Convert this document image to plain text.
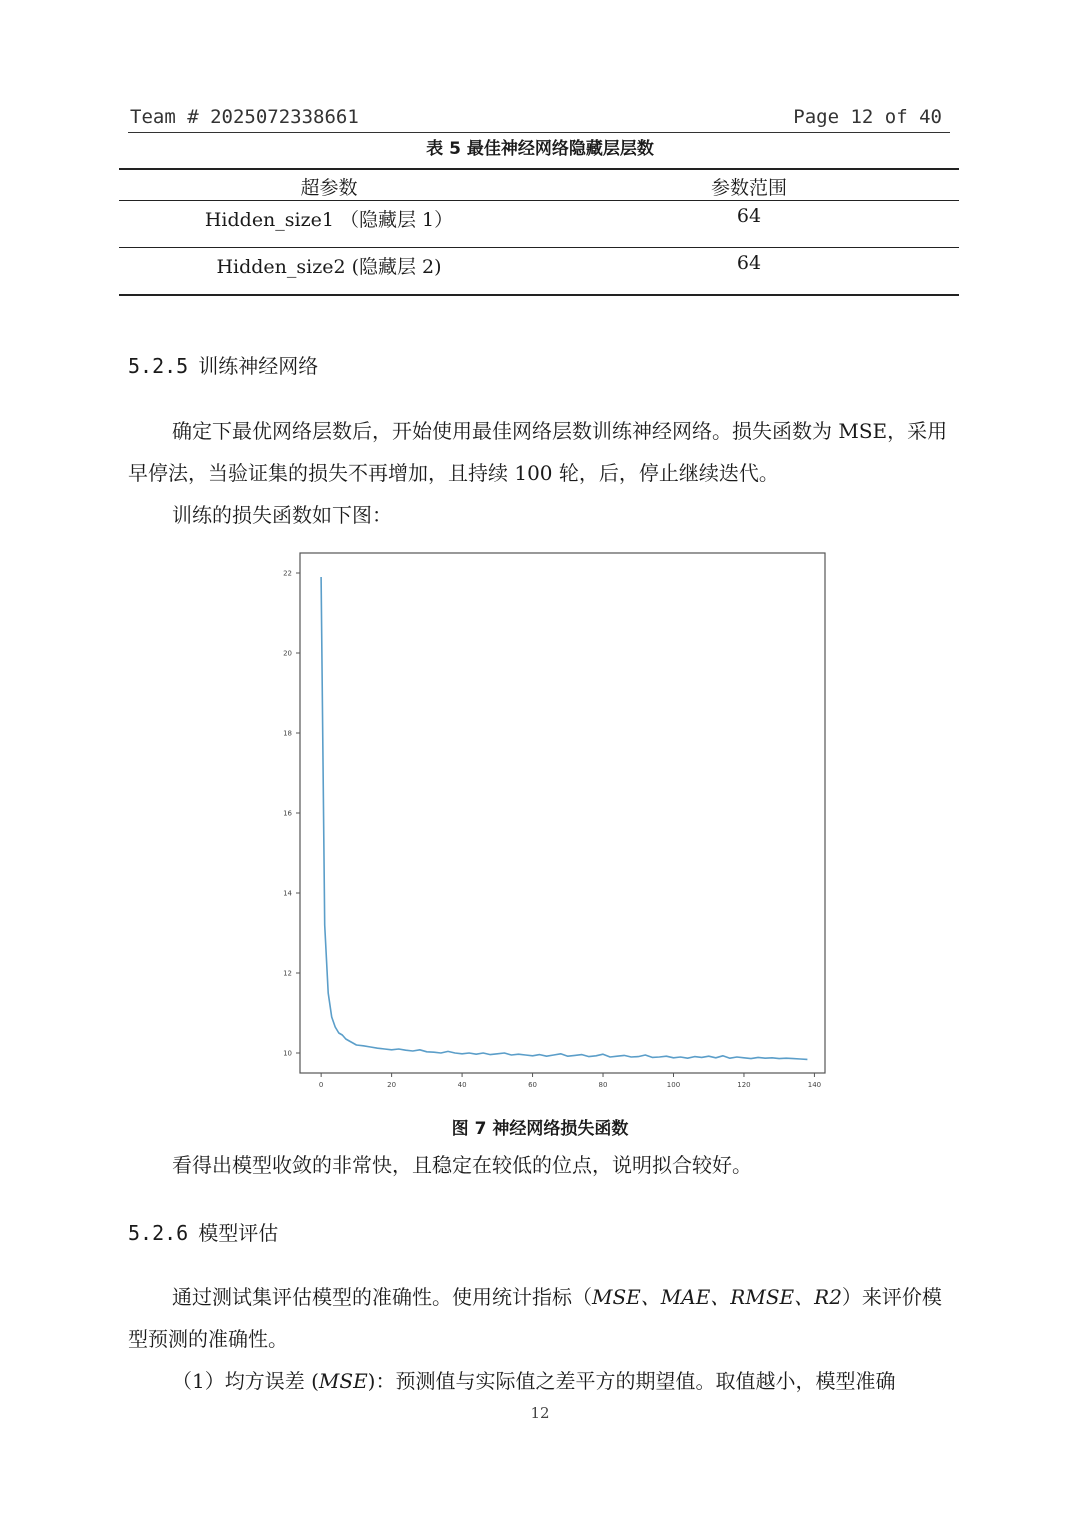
Team # 2025072338661	Page 12 of 40
表 5 最佳神经网络隐藏层层数
超参数	参数范围
Hidden_size1 （隐藏层 1）	64
Hidden_size2 (隐藏层 2)	64
5.2.5 训练神经网络
确定下最优网络层数后，开始使用最佳网络层数训练神经网络。损失函数为 MSE，采用早停法，当验证集的损失不再增加，且持续 100 轮，后，停止继续迭代。
训练的损失函数如下图：
0	20	40	60	80	100	120	140
10
12
14
16
18
20
22
图 7 神经网络损失函数
看得出模型收敛的非常快，且稳定在较低的位点，说明拟合较好。
5.2.6 模型评估
通过测试集评估模型的准确性。使用统计指标（MSE、MAE、RMSE、R2）来评价模型预测的准确性。
（1）均方误差 (MSE)：预测值与实际值之差平方的期望值。取值越小，模型准确
12
